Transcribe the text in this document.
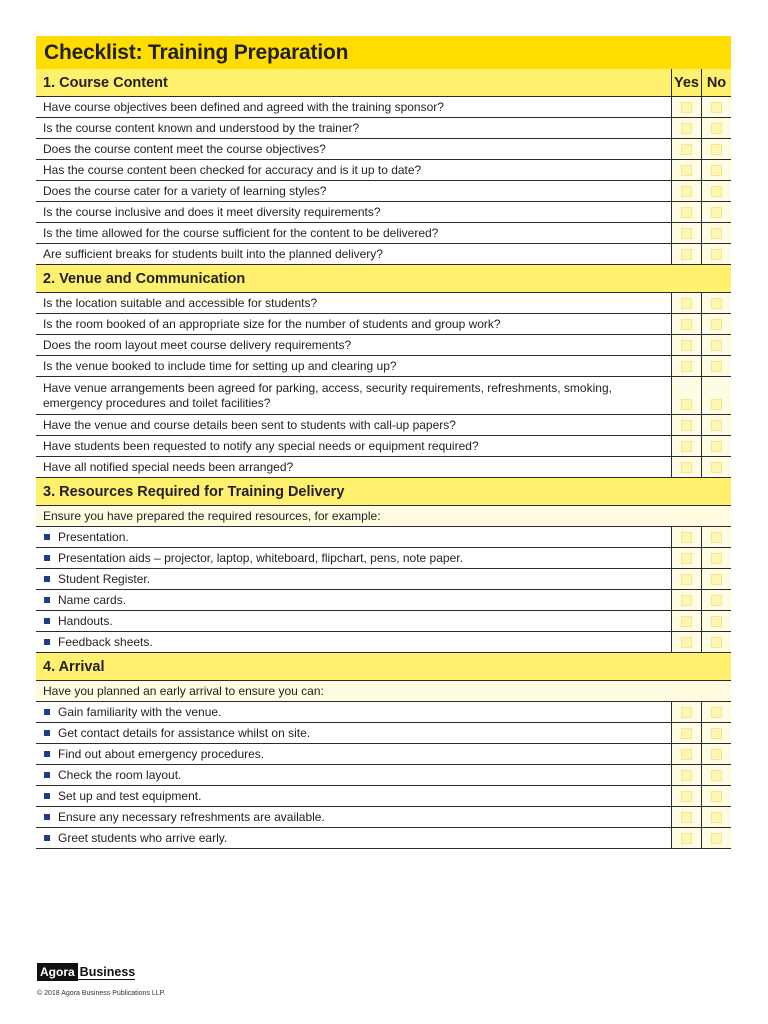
Checklist: Training Preparation
1. Course Content	Yes No
Have course objectives been defined and agreed with the training sponsor?
Is the course content known and understood by the trainer?
Does the course content meet the course objectives?
Has the course content been checked for accuracy and is it up to date?
Does the course cater for a variety of learning styles?
Is the course inclusive and does it meet diversity requirements?
Is the time allowed for the course sufficient for the content to be delivered?
Are sufficient breaks for students built into the planned delivery?
2. Venue and Communication
Is the location suitable and accessible for students?
Is the room booked of an appropriate size for the number of students and group work?
Does the room layout meet course delivery requirements?
Is the venue booked to include time for setting up and clearing up?
Have venue arrangements been agreed for parking, access, security requirements, refreshments, smoking, emergency procedures and toilet facilities?
Have the venue and course details been sent to students with call-up papers?
Have students been requested to notify any special needs or equipment required?
Have all notified special needs been arranged?
3. Resources Required for Training Delivery
Ensure you have prepared the required resources, for example:
Presentation.
Presentation aids – projector, laptop, whiteboard, flipchart, pens, note paper.
Student Register.
Name cards.
Handouts.
Feedback sheets.
4. Arrival
Have you planned an early arrival to ensure you can:
Gain familiarity with the venue.
Get contact details for assistance whilst on site.
Find out about emergency procedures.
Check the room layout.
Set up and test equipment.
Ensure any necessary refreshments are available.
Greet students who arrive early.
Agora Business
© 2018 Agora Business Publications LLP.
